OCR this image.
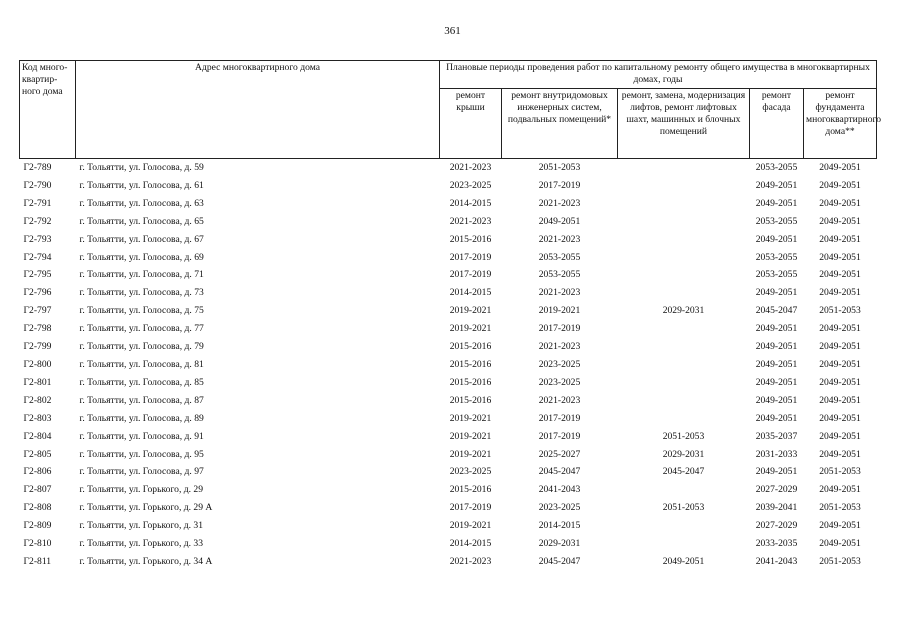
361
Код много-квартир-ного дома	Адрес многоквартирного дома	Плановые периоды проведения работ по капитальному ремонту общего имущества в многоквартирных домах, годы				
		ремонт крыши	ремонт внутридомовых инженерных систем, подвальных помещений*	ремонт, замена, модернизация лифтов, ремонт лифтовых шахт, машинных и блочных помещений	ремонт фасада	ремонт фундамента многоквартирного дома**
Г2-789	г. Тольятти, ул. Голосова, д. 59	2021-2023	2051-2053		2053-2055	2049-2051
Г2-790	г. Тольятти, ул. Голосова, д. 61	2023-2025	2017-2019		2049-2051	2049-2051
Г2-791	г. Тольятти, ул. Голосова, д. 63	2014-2015	2021-2023		2049-2051	2049-2051
Г2-792	г. Тольятти, ул. Голосова, д. 65	2021-2023	2049-2051		2053-2055	2049-2051
Г2-793	г. Тольятти, ул. Голосова, д. 67	2015-2016	2021-2023		2049-2051	2049-2051
Г2-794	г. Тольятти, ул. Голосова, д. 69	2017-2019	2053-2055		2053-2055	2049-2051
Г2-795	г. Тольятти, ул. Голосова, д. 71	2017-2019	2053-2055		2053-2055	2049-2051
Г2-796	г. Тольятти, ул. Голосова, д. 73	2014-2015	2021-2023		2049-2051	2049-2051
Г2-797	г. Тольятти, ул. Голосова, д. 75	2019-2021	2019-2021	2029-2031	2045-2047	2051-2053
Г2-798	г. Тольятти, ул. Голосова, д. 77	2019-2021	2017-2019		2049-2051	2049-2051
Г2-799	г. Тольятти, ул. Голосова, д. 79	2015-2016	2021-2023		2049-2051	2049-2051
Г2-800	г. Тольятти, ул. Голосова, д. 81	2015-2016	2023-2025		2049-2051	2049-2051
Г2-801	г. Тольятти, ул. Голосова, д. 85	2015-2016	2023-2025		2049-2051	2049-2051
Г2-802	г. Тольятти, ул. Голосова, д. 87	2015-2016	2021-2023		2049-2051	2049-2051
Г2-803	г. Тольятти, ул. Голосова, д. 89	2019-2021	2017-2019		2049-2051	2049-2051
Г2-804	г. Тольятти, ул. Голосова, д. 91	2019-2021	2017-2019	2051-2053	2035-2037	2049-2051
Г2-805	г. Тольятти, ул. Голосова, д. 95	2019-2021	2025-2027	2029-2031	2031-2033	2049-2051
Г2-806	г. Тольятти, ул. Голосова, д. 97	2023-2025	2045-2047	2045-2047	2049-2051	2051-2053
Г2-807	г. Тольятти, ул. Горького, д. 29	2015-2016	2041-2043		2027-2029	2049-2051
Г2-808	г. Тольятти, ул. Горького, д. 29 А	2017-2019	2023-2025	2051-2053	2039-2041	2051-2053
Г2-809	г. Тольятти, ул. Горького, д. 31	2019-2021	2014-2015		2027-2029	2049-2051
Г2-810	г. Тольятти, ул. Горького, д. 33	2014-2015	2029-2031		2033-2035	2049-2051
Г2-811	г. Тольятти, ул. Горького, д. 34 А	2021-2023	2045-2047	2049-2051	2041-2043	2051-2053
